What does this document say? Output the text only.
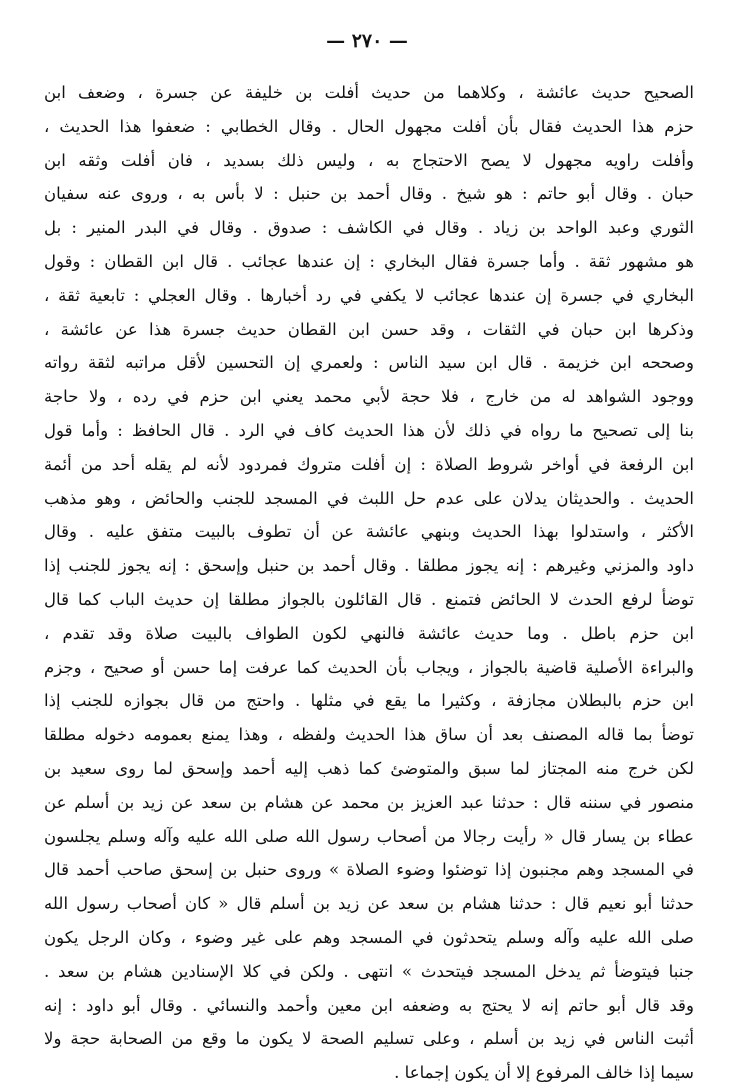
— ٢٧٠ —
الصحيح حديث عائشة ، وكلاهما من حديث أفلت بن خليفة عن جسرة ، وضعف ابن
حزم هذا الحديث فقال بأن أفلت مجهول الحال . وقال الخطابي : ضعفوا هذا الحديث ،
وأفلت راويه مجهول لا يصح الاحتجاج به ، وليس ذلك بسديد ، فان أفلت وثقه ابن
حبان . وقال أبو حاتم : هو شيخ . وقال أحمد بن حنبل : لا بأس به ، وروى عنه سفيان
الثوري وعبد الواحد بن زياد . وقال في الكاشف : صدوق . وقال في البدر المنير : بل
هو مشهور ثقة . وأما جسرة فقال البخاري : إن عندها عجائب . قال ابن القطان : وقول
البخاري في جسرة إن عندها عجائب لا يكفي في رد أخبارها . وقال العجلي : تابعية ثقة ،
وذكرها ابن حبان في الثقات ، وقد حسن ابن القطان حديث جسرة هذا عن عائشة ،
وصححه ابن خزيمة . قال ابن سيد الناس : ولعمري إن التحسين لأقل مراتبه لثقة رواته
ووجود الشواهد له من خارج ، فلا حجة لأبي محمد يعني ابن حزم في رده ، ولا حاجة
بنا إلى تصحيح ما رواه في ذلك لأن هذا الحديث كاف في الرد . قال الحافظ : وأما قول
ابن الرفعة في أواخر شروط الصلاة : إن أفلت متروك فمردود لأنه لم يقله أحد من أئمة
الحديث . والحديثان يدلان على عدم حل اللبث في المسجد للجنب والحائض ، وهو مذهب
الأكثر ، واستدلوا بهذا الحديث وبنهي عائشة عن أن تطوف بالبيت متفق عليه . وقال
داود والمزني وغيرهم : إنه يجوز مطلقا . وقال أحمد بن حنبل وإسحق : إنه يجوز للجنب إذا
توضأ لرفع الحدث لا الحائض فتمنع . قال القائلون بالجواز مطلقا إن حديث الباب كما قال
ابن حزم باطل . وما حديث عائشة فالنهي لكون الطواف بالبيت صلاة وقد تقدم ،
والبراءة الأصلية قاضية بالجواز ، ويجاب بأن الحديث كما عرفت إما حسن أو صحيح ، وجزم
ابن حزم بالبطلان مجازفة ، وكثيرا ما يقع في مثلها . واحتج من قال بجوازه للجنب إذا
توضأ بما قاله المصنف بعد أن ساق هذا الحديث ولفظه ، وهذا يمنع بعمومه دخوله مطلقا
لكن خرج منه المجتاز لما سبق والمتوضئ كما ذهب إليه أحمد وإسحق لما روى سعيد بن
منصور في سننه قال : حدثنا عبد العزيز بن محمد عن هشام بن سعد عن زيد بن أسلم عن
عطاء بن يسار قال « رأيت رجالا من أصحاب رسول الله صلى الله عليه وآله وسلم يجلسون
في المسجد وهم مجنبون إذا توضئوا وضوء الصلاة » وروى حنبل بن إسحق صاحب أحمد قال
حدثنا أبو نعيم قال : حدثنا هشام بن سعد عن زيد بن أسلم قال « كان أصحاب رسول الله
صلى الله عليه وآله وسلم يتحدثون في المسجد وهم على غير وضوء ، وكان الرجل يكون
جنبا فيتوضأ ثم يدخل المسجد فيتحدث » انتهى . ولكن في كلا الإسنادين هشام بن سعد .
وقد قال أبو حاتم إنه لا يحتج به وضعفه ابن معين وأحمد والنسائي . وقال أبو داود : إنه
أثبت الناس في زيد بن أسلم ، وعلى تسليم الصحة لا يكون ما وقع من الصحابة حجة ولا
سيما إذا خالف المرفوع إلا أن يكون إجماعا .
